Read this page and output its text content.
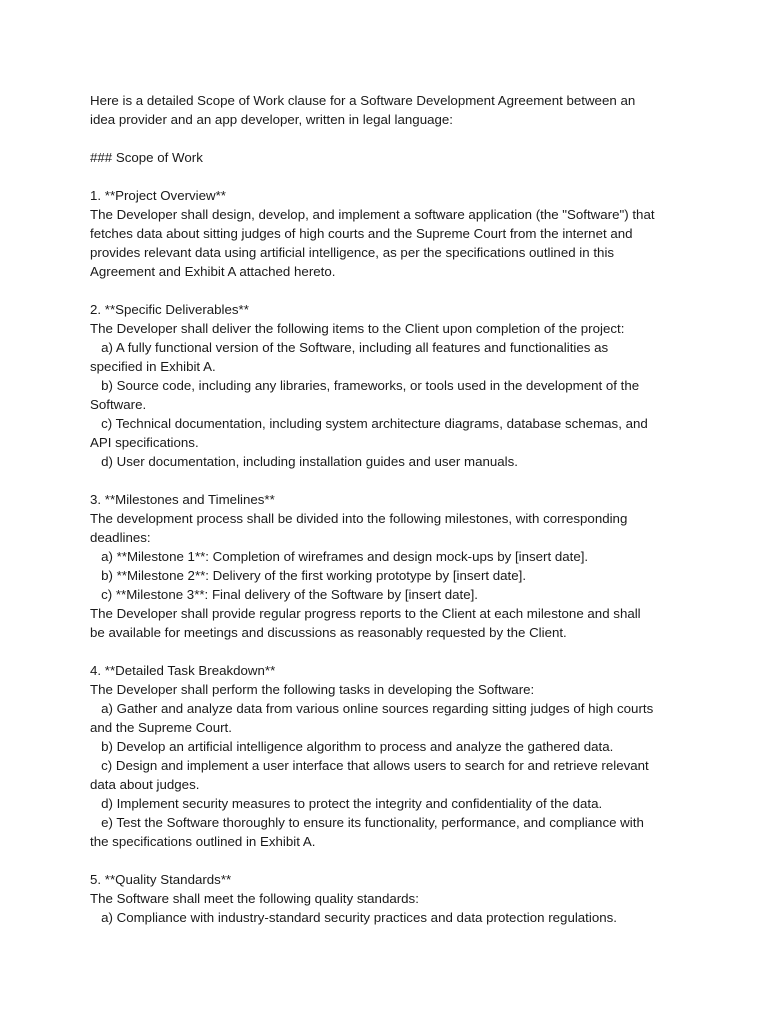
Here is a detailed Scope of Work clause for a Software Development Agreement between an
idea provider and an app developer, written in legal language:
### Scope of Work
1. **Project Overview**
The Developer shall design, develop, and implement a software application (the "Software") that
fetches data about sitting judges of high courts and the Supreme Court from the internet and
provides relevant data using artificial intelligence, as per the specifications outlined in this
Agreement and Exhibit A attached hereto.
2. **Specific Deliverables**
The Developer shall deliver the following items to the Client upon completion of the project:
a) A fully functional version of the Software, including all features and functionalities as
specified in Exhibit A.
b) Source code, including any libraries, frameworks, or tools used in the development of the
Software.
c) Technical documentation, including system architecture diagrams, database schemas, and
API specifications.
d) User documentation, including installation guides and user manuals.
3. **Milestones and Timelines**
The development process shall be divided into the following milestones, with corresponding
deadlines:
a) **Milestone 1**: Completion of wireframes and design mock-ups by [insert date].
b) **Milestone 2**: Delivery of the first working prototype by [insert date].
c) **Milestone 3**: Final delivery of the Software by [insert date].
The Developer shall provide regular progress reports to the Client at each milestone and shall
be available for meetings and discussions as reasonably requested by the Client.
4. **Detailed Task Breakdown**
The Developer shall perform the following tasks in developing the Software:
a) Gather and analyze data from various online sources regarding sitting judges of high courts
and the Supreme Court.
b) Develop an artificial intelligence algorithm to process and analyze the gathered data.
c) Design and implement a user interface that allows users to search for and retrieve relevant
data about judges.
d) Implement security measures to protect the integrity and confidentiality of the data.
e) Test the Software thoroughly to ensure its functionality, performance, and compliance with
the specifications outlined in Exhibit A.
5. **Quality Standards**
The Software shall meet the following quality standards:
a) Compliance with industry-standard security practices and data protection regulations.
